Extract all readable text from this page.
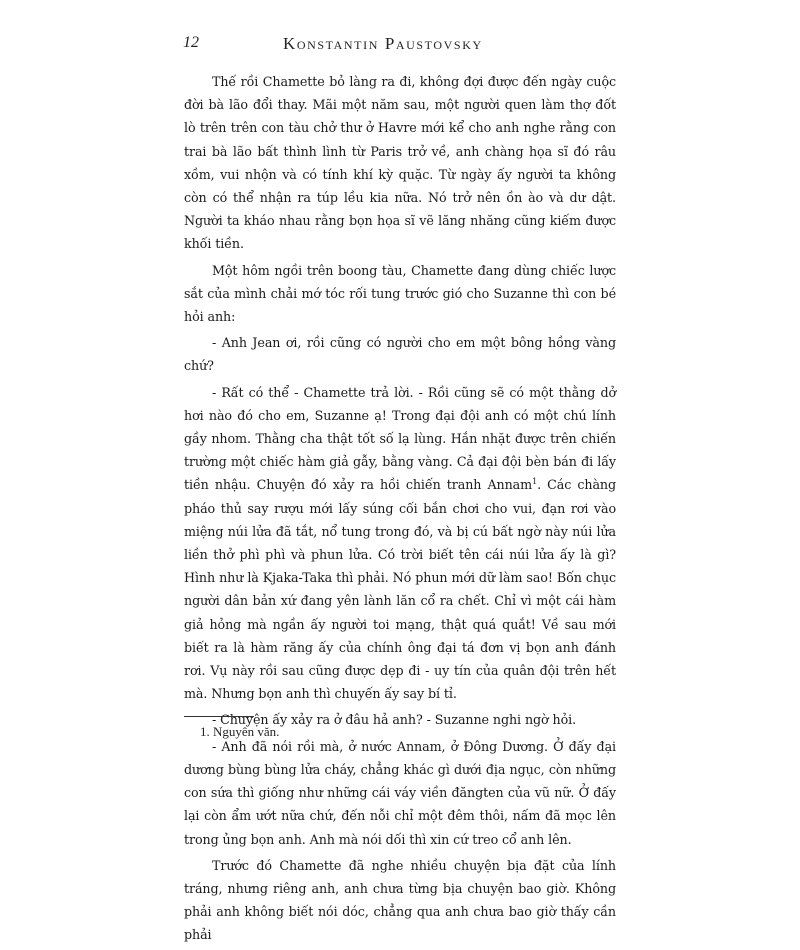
12	Konstantin Paustovsky

Thế rồi Chamette bỏ làng ra đi, không đợi được đến ngày cuộc đời bà lão đổi thay. Mãi một năm sau, một người quen làm thợ đốt lò trên trên con tàu chở thư ở Havre mới kể cho anh nghe rằng con trai bà lão bất thình lình từ Paris trở về, anh chàng họa sĩ đó râu xồm, vui nhộn và có tính khí kỳ quặc. Từ ngày ấy người ta không còn có thể nhận ra túp lều kia nữa. Nó trở nên ồn ào và dư dật. Người ta kháo nhau rằng bọn họa sĩ vẽ lăng nhăng cũng kiếm được khối tiền.

Một hôm ngồi trên boong tàu, Chamette đang dùng chiếc lược sắt của mình chải mớ tóc rối tung trước gió cho Suzanne thì con bé hỏi anh:

- Anh Jean ơi, rồi cũng có người cho em một bông hồng vàng chứ?

- Rất có thể - Chamette trả lời. - Rồi cũng sẽ có một thằng dở hơi nào đó cho em, Suzanne ạ! Trong đại đội anh có một chú lính gầy nhom. Thằng cha thật tốt số lạ lùng. Hắn nhặt được trên chiến trường một chiếc hàm giả gẫy, bằng vàng. Cả đại đội bèn bán đi lấy tiền nhậu. Chuyện đó xảy ra hồi chiến tranh Annam$^1$. Các chàng pháo thủ say rượu mới lấy súng cối bắn chơi cho vui, đạn rơi vào miệng núi lửa đã tắt, nổ tung trong đó, và bị cú bất ngờ này núi lửa liền thở phì phì và phun lửa. Có trời biết tên cái núi lửa ấy là gì? Hình như là Kjaka-Taka thì phải. Nó phun mới dữ làm sao! Bốn chục người dân bản xứ đang yên lành lăn cổ ra chết. Chỉ vì một cái hàm giả hỏng mà ngần ấy người toi mạng, thật quá quắt! Về sau mới biết ra là hàm răng ấy của chính ông đại tá đơn vị bọn anh đánh rơi. Vụ này rồi sau cũng được dẹp đi - uy tín của quân đội trên hết mà. Nhưng bọn anh thì chuyến ấy say bí tỉ.

- Chuyện ấy xảy ra ở đâu hả anh? - Suzanne nghi ngờ hỏi.

- Anh đã nói rồi mà, ở nước Annam, ở Đông Dương. Ở đấy đại dương bùng bùng lửa cháy, chẳng khác gì dưới địa ngục, còn những con sứa thì giống như những cái váy viền đăngten của vũ nữ. Ở đấy lại còn ẩm ướt nữa chứ, đến nỗi chỉ một đêm thôi, nấm đã mọc lên trong ủng bọn anh. Anh mà nói dối thì xin cứ treo cổ anh lên.

Trước đó Chamette đã nghe nhiều chuyện bịa đặt của lính tráng, nhưng riêng anh, anh chưa từng bịa chuyện bao giờ. Không phải anh không biết nói dóc, chẳng qua anh chưa bao giờ thấy cần phải

1. Nguyên văn.
